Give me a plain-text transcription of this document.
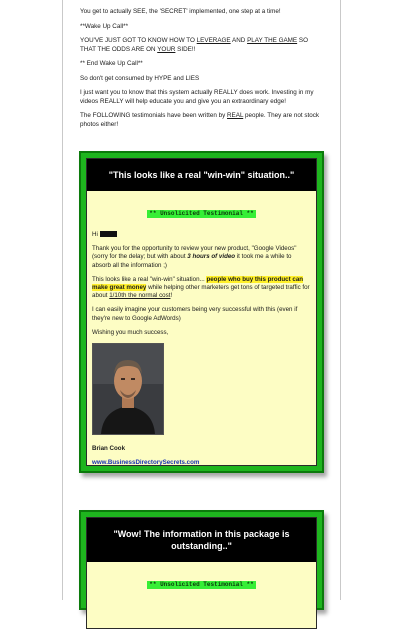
You get to actually SEE, the 'SECRET' implemented, one step at a time!

**Wake Up Call**

YOU'VE JUST GOT TO KNOW HOW TO LEVERAGE AND PLAY THE GAME SO THAT THE ODDS ARE ON YOUR SIDE!!

** End Wake Up Call**

So don't get consumed by HYPE and LIES

I just want you to know that this system actually REALLY does work. Investing in my videos REALLY will help educate you and give you an extraordinary edge!

The FOLLOWING testimonials have been written by REAL people. They are not stock photos either!

"This looks like a real "win-win" situation.."
** Unsolicited Testimonial **

Hi

Thank you for the opportunity to review your new product, "Google Videos"(sorry for the delay; but with about 3 hours of video it took me a while to absorb all the information ;)

This looks like a real "win-win" situation... people who buy this product can make great money while helping other marketers get tons of targeted traffic for about 1/10th the normal cost!

I can easily imagine your customers being very successful with this (even if they're new to Google AdWords)

Wishing you much success,

Brian Cook

www.BusinessDirectorySecrets.com

"Wow! The information in this package is outstanding.."
** Unsolicited Testimonial **
